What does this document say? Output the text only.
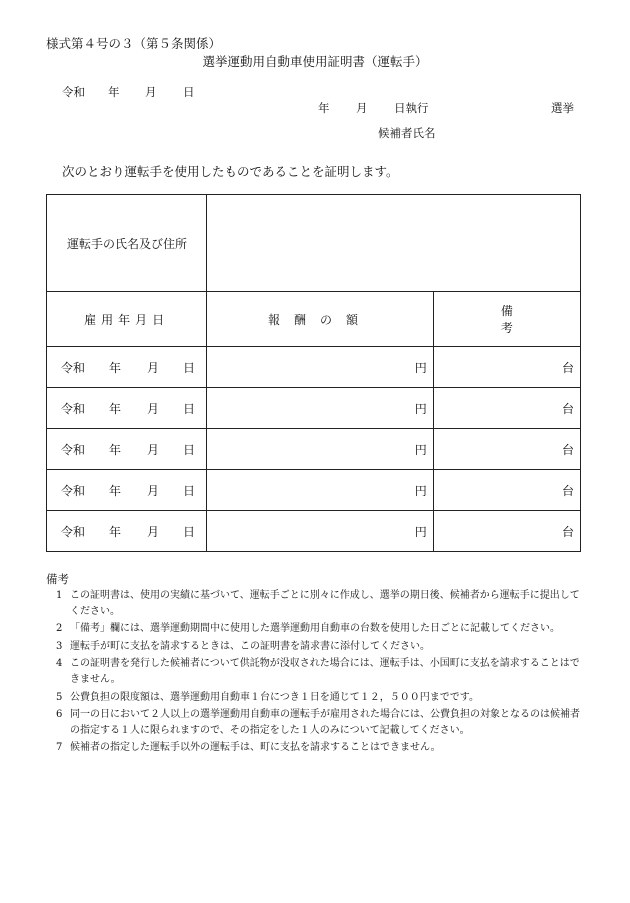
様式第４号の３（第５条関係）
選挙運動用自動車使用証明書（運転手）
令和 年 月 日
年 月 日執行	選挙
候補者氏名
次のとおり運転手を使用したものであることを証明します。
運転手の氏名及び住所		
雇用年月日	報酬の額	備考
令和 年 月 日	円	台
令和 年 月 日	円	台
令和 年 月 日	円	台
令和 年 月 日	円	台
令和 年 月 日	円	台
備考

1 この証明書は、使用の実績に基づいて、運転手ごとに別々に作成し、選挙の期日後、候補者から運転手に提出してください。

2 「備考」欄には、選挙運動期間中に使用した選挙運動用自動車の台数を使用した日ごとに記載してください。

3 運転手が町に支払を請求するときは、この証明書を請求書に添付してください。

4 この証明書を発行した候補者について供託物が没収された場合には、運転手は、小国町に支払を請求することはできません。

5 公費負担の限度額は、選挙運動用自動車１台につき１日を通じて１２，５００円までです。

6 同一の日において２人以上の選挙運動用自動車の運転手が雇用された場合には、公費負担の対象となるのは候補者の指定する１人に限られますので、その指定をした１人のみについて記載してください。

7 候補者の指定した運転手以外の運転手は、町に支払を請求することはできません。
